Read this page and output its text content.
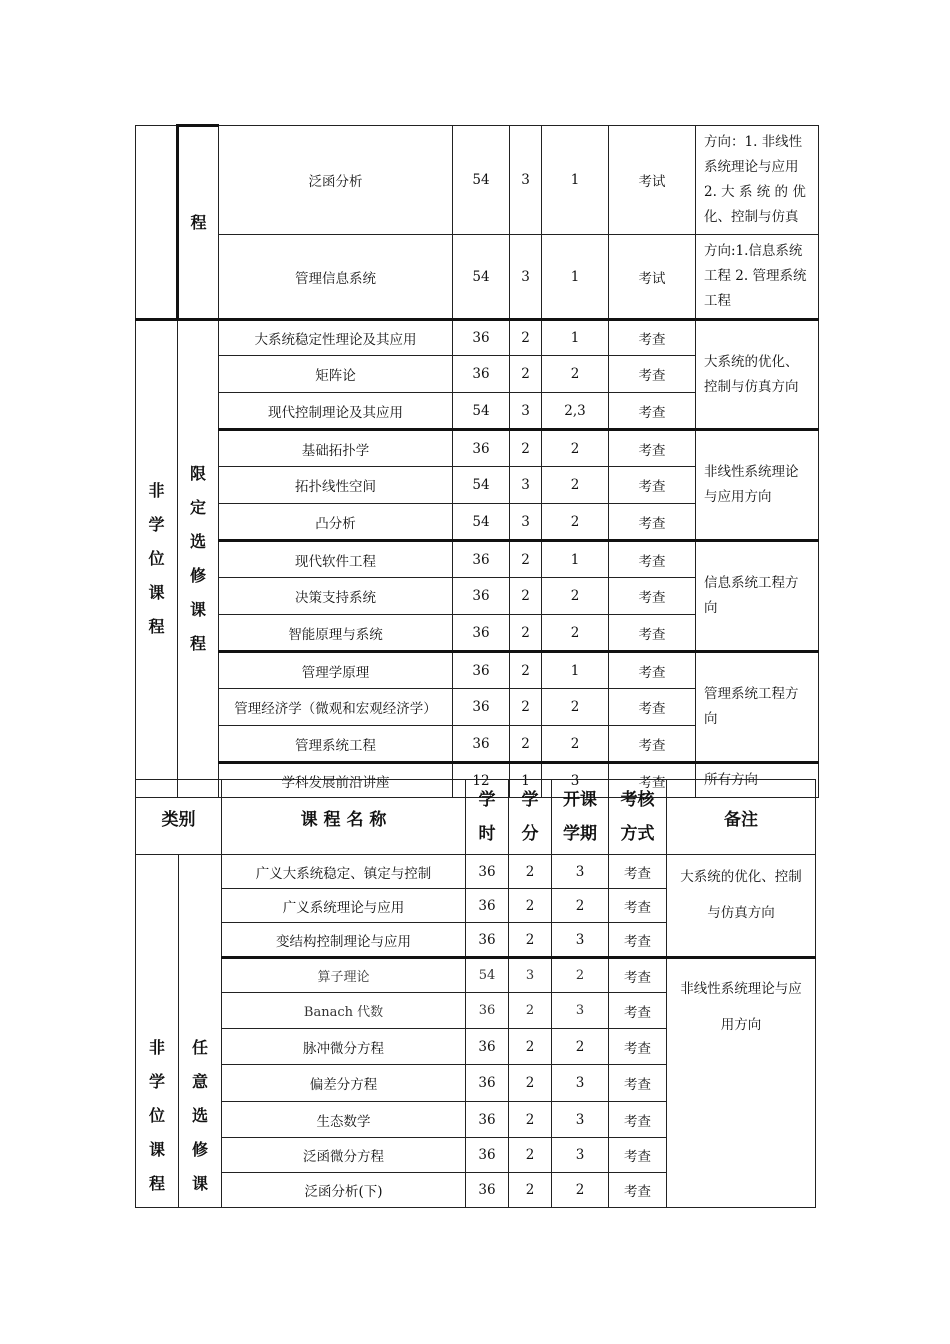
	程	泛函分析	54	3	1	考试	方向：1. 非线性系统理论与应用 2. 大 系 统 的 优 化、控制与仿真
		管理信息系统	54	3	1	考试	方向:1.信息系统工程 2. 管理系统工程

非学位课程	限定选修课程	大系统稳定性理论及其应用	36	2	1	考查	大系统的优化、控制与仿真方向
		矩阵论	36	2	2	考查	
		现代控制理论及其应用	54	3	2,3	考查	
		基础拓扑学	36	2	2	考查	非线性系统理论与应用方向
		拓扑线性空间	54	3	2	考查	
		凸分析	54	3	2	考查	
		现代软件工程	36	2	1	考查	信息系统工程方向
		决策支持系统	36	2	2	考查	
		智能原理与系统	36	2	2	考查	
		管理学原理	36	2	1	考查	管理系统工程方向
		管理经济学（微观和宏观经济学）	36	2	2	考查	
		管理系统工程	36	2	2	考查	
		学科发展前沿讲座	12	1	3	考查	所有方向
类别		课 程 名 称	学时	学分	开课学期	考核方式	备注

非学位课程	任意选修课	广义大系统稳定、镇定与控制	36	2	3	考查	大系统的优化、控制与仿真方向
		广义系统理论与应用	36	2	2	考查	
		变结构控制理论与应用	36	2	3	考查	
		算子理论	54	3	2	考查	非线性系统理论与应用方向
		Banach 代数	36	2	3	考查	
		脉冲微分方程	36	2	2	考查	
		偏差分方程	36	2	3	考查	
		生态数学	36	2	3	考查	
		泛函微分方程	36	2	3	考查	
		泛函分析(下)	36	2	2	考查	
